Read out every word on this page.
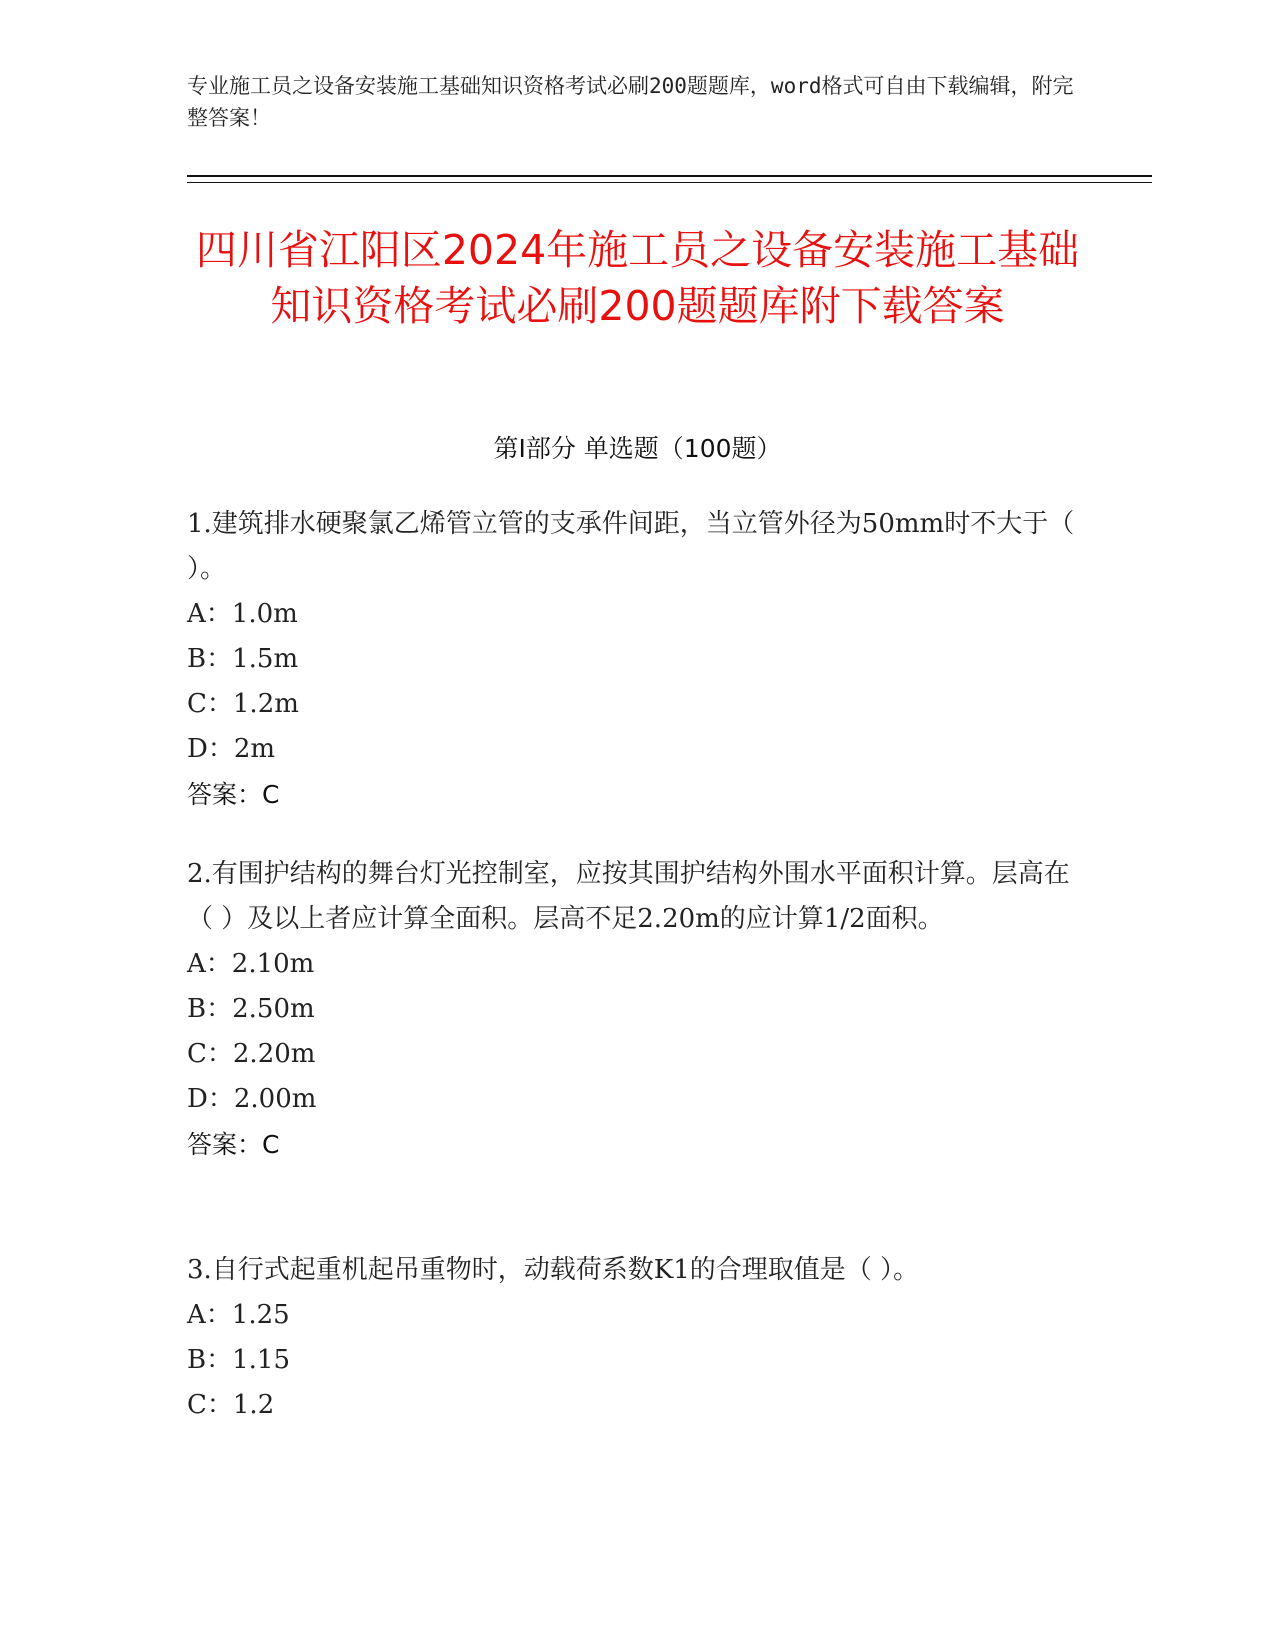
专业施工员之设备安装施工基础知识资格考试必刷200题题库，word格式可自由下载编辑，附完整答案！
四川省江阳区2024年施工员之设备安装施工基础知识资格考试必刷200题题库附下载答案
第Ⅰ部分 单选题（100题）

1.建筑排水硬聚氯乙烯管立管的支承件间距，当立管外径为50mm时不大于（ ）。

A：1.0m

B：1.5m

C：1.2m

D：2m

答案：C

2.有围护结构的舞台灯光控制室，应按其围护结构外围水平面积计算。层高在（ ）及以上者应计算全面积。层高不足2.20m的应计算1/2面积。

A：2.10m

B：2.50m

C：2.20m

D：2.00m

答案：C

3.自行式起重机起吊重物时，动载荷系数K1的合理取值是（ ）。

A：1.25

B：1.15

C：1.2
